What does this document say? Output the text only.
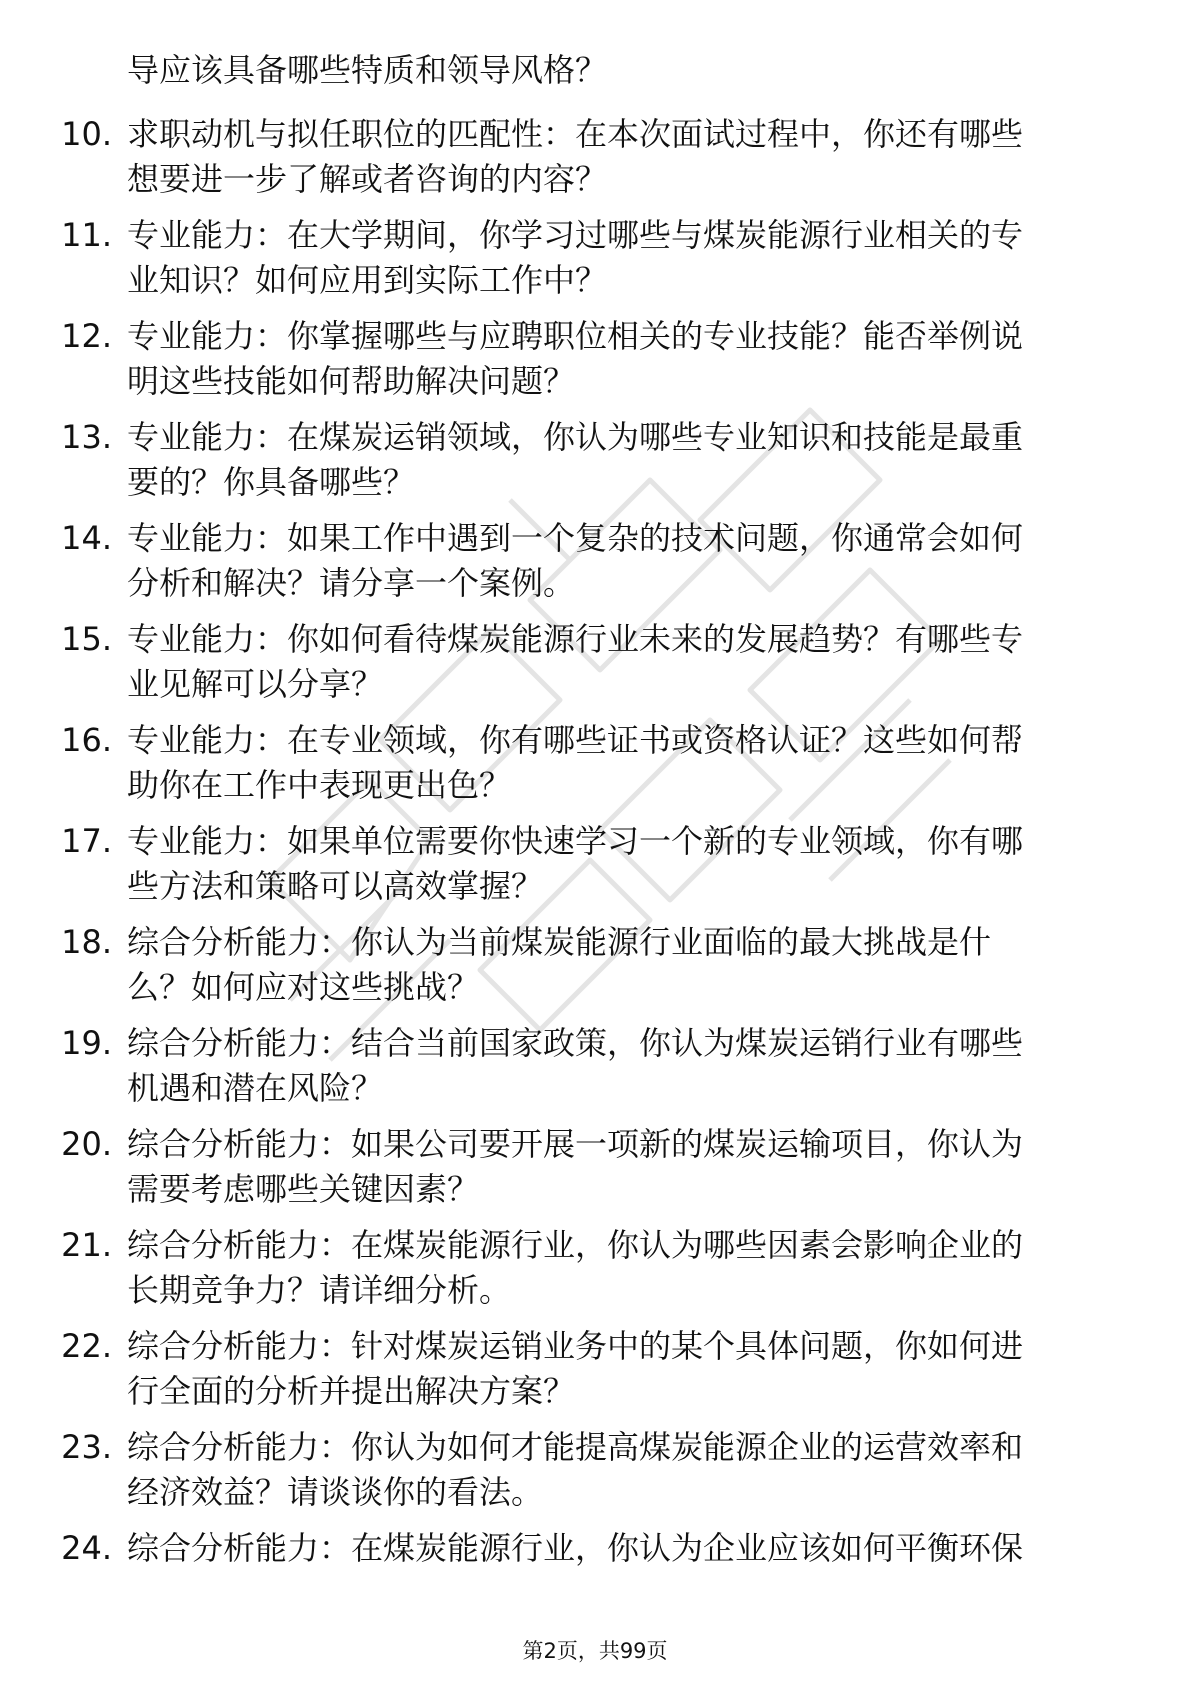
导应该具备哪些特质和领导风格？
10. 求职动机与拟任职位的匹配性：在本次面试过程中，你还有哪些
想要进一步了解或者咨询的内容？
11. 专业能力：在大学期间，你学习过哪些与煤炭能源行业相关的专
业知识？如何应用到实际工作中？
12. 专业能力：你掌握哪些与应聘职位相关的专业技能？能否举例说
明这些技能如何帮助解决问题？
13. 专业能力：在煤炭运销领域，你认为哪些专业知识和技能是最重
要的？你具备哪些？
14. 专业能力：如果工作中遇到一个复杂的技术问题，你通常会如何
分析和解决？请分享一个案例。
15. 专业能力：你如何看待煤炭能源行业未来的发展趋势？有哪些专
业见解可以分享？
16. 专业能力：在专业领域，你有哪些证书或资格认证？这些如何帮
助你在工作中表现更出色？
17. 专业能力：如果单位需要你快速学习一个新的专业领域，你有哪
些方法和策略可以高效掌握？
18. 综合分析能力：你认为当前煤炭能源行业面临的最大挑战是什
么？如何应对这些挑战？
19. 综合分析能力：结合当前国家政策，你认为煤炭运销行业有哪些
机遇和潜在风险？
20. 综合分析能力：如果公司要开展一项新的煤炭运输项目，你认为
需要考虑哪些关键因素？
21. 综合分析能力：在煤炭能源行业，你认为哪些因素会影响企业的
长期竞争力？请详细分析。
22. 综合分析能力：针对煤炭运销业务中的某个具体问题，你如何进
行全面的分析并提出解决方案？
23. 综合分析能力：你认为如何才能提高煤炭能源企业的运营效率和
经济效益？请谈谈你的看法。
24. 综合分析能力：在煤炭能源行业，你认为企业应该如何平衡环保
第2页，共99页
